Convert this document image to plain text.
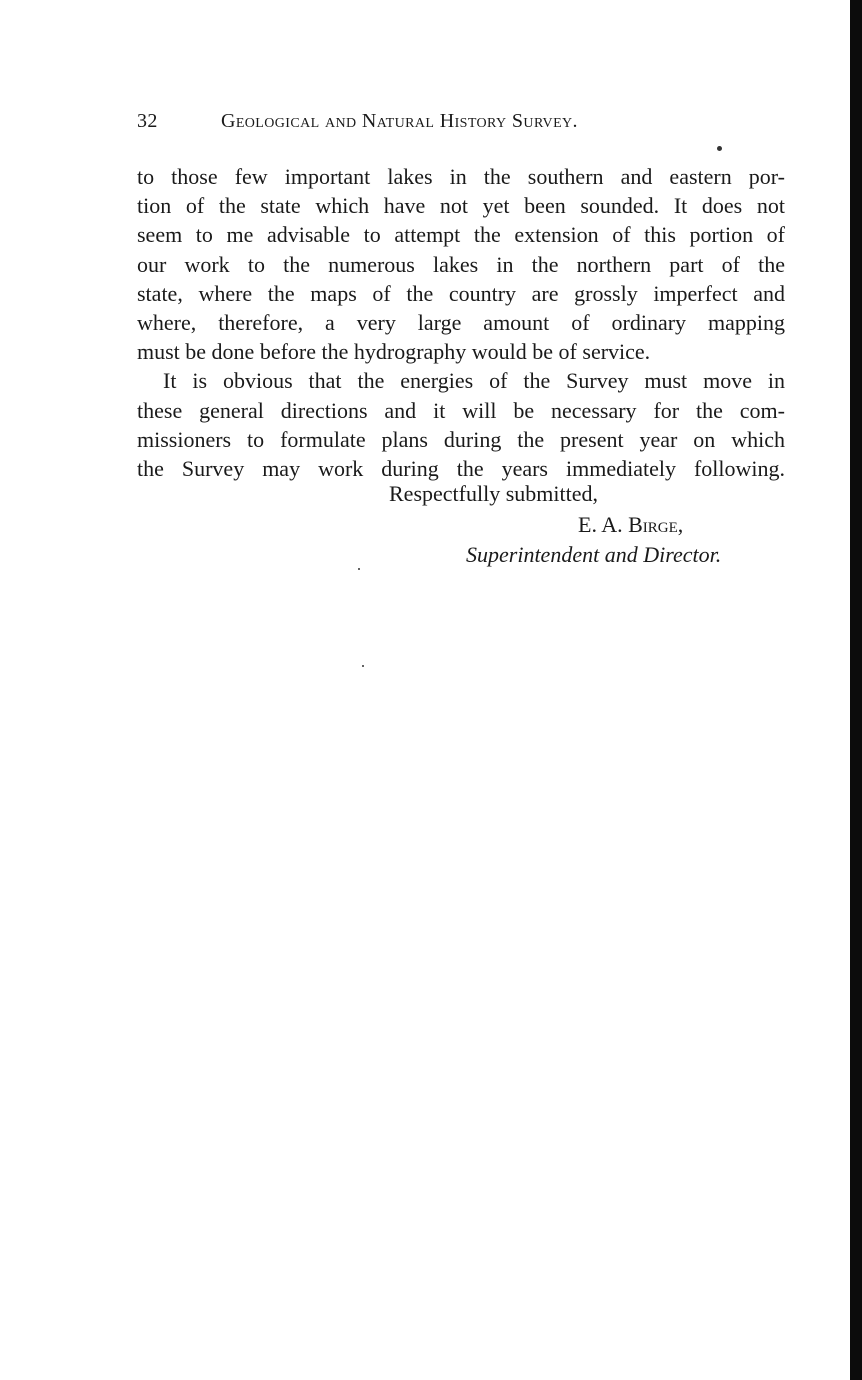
32	Geological and Natural History Survey.
to those few important lakes in the southern and eastern por-
tion of the state which have not yet been sounded. It does not
seem to me advisable to attempt the extension of this portion of
our work to the numerous lakes in the northern part of the
state, where the maps of the country are grossly imperfect and
where, therefore, a very large amount of ordinary mapping
must be done before the hydrography would be of service.
It is obvious that the energies of the Survey must move in
these general directions and it will be necessary for the com-
missioners to formulate plans during the present year on which
the Survey may work during the years immediately following.
Respectfully submitted,
E. A. Birge,
Superintendent and Director.
